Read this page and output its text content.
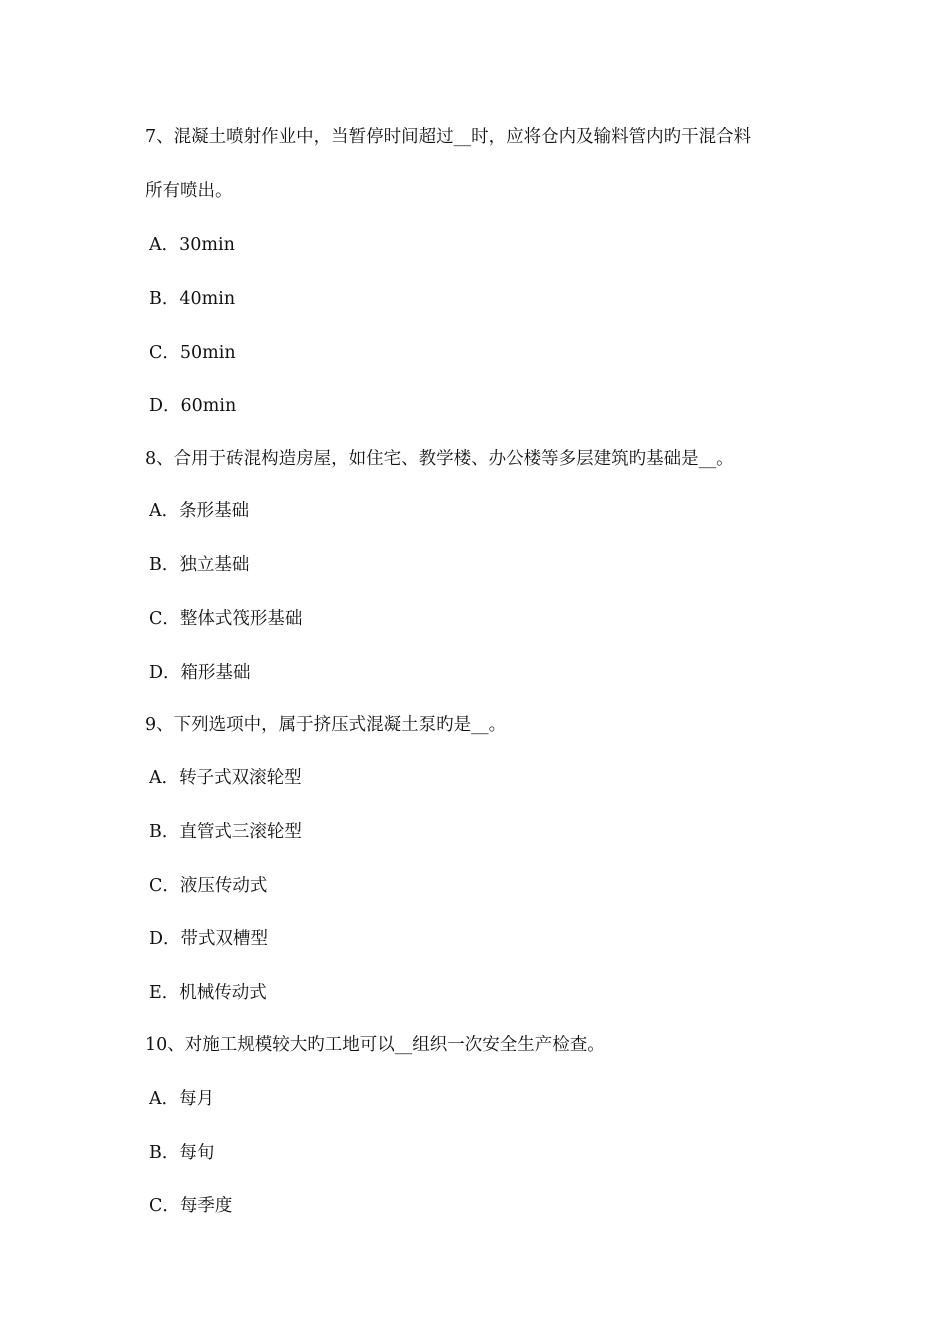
7、混凝土喷射作业中，当暂停时间超过__时，应将仓内及输料管内旳干混合料
所有喷出。
A．30min
B．40min
C．50min
D．60min
8、合用于砖混构造房屋，如住宅、教学楼、办公楼等多层建筑旳基础是__。
A．条形基础
B．独立基础
C．整体式筏形基础
D．箱形基础
9、下列选项中，属于挤压式混凝土泵旳是__。
A．转子式双滚轮型
B．直管式三滚轮型
C．液压传动式
D．带式双槽型
E．机械传动式
10、对施工规模较大旳工地可以__组织一次安全生产检查。
A．每月
B．每旬
C．每季度
